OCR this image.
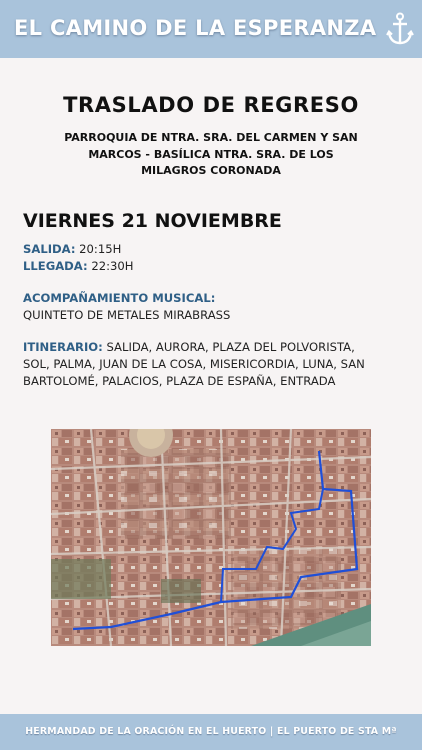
EL CAMINO DE LA ESPERANZA
TRASLADO DE REGRESO
PARROQUIA DE NTRA. SRA. DEL CARMEN Y SAN
MARCOS - BASÍLICA NTRA. SRA. DE LOS
MILAGROS CORONADA
VIERNES 21 NOVIEMBRE
SALIDA: 20:15H
LLEGADA: 22:30H
ACOMPAÑAMIENTO MUSICAL:
QUINTETO DE METALES MIRABRASS
ITINERARIO: SALIDA, AURORA, PLAZA DEL POLVORISTA,
SOL, PALMA, JUAN DE LA COSA, MISERICORDIA, LUNA, SAN
BARTOLOMÉ, PALACIOS, PLAZA DE ESPAÑA, ENTRADA
HERMANDAD DE LA ORACIÓN EN EL HUERTO | EL PUERTO DE STA Mª
